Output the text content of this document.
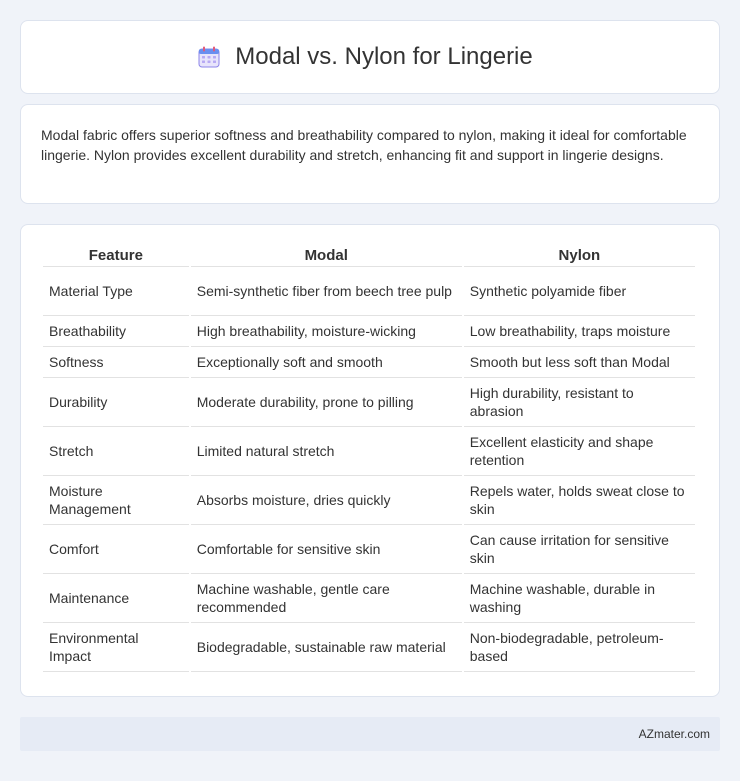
Modal vs. Nylon for Lingerie

Modal fabric offers superior softness and breathability compared to nylon, making it ideal for comfortable lingerie. Nylon provides excellent durability and stretch, enhancing fit and support in lingerie designs.

Feature	Modal	Nylon
Material Type	Semi-synthetic fiber from beech tree pulp	Synthetic polyamide fiber
Breathability	High breathability, moisture-wicking	Low breathability, traps moisture
Softness	Exceptionally soft and smooth	Smooth but less soft than Modal
Durability	Moderate durability, prone to pilling	High durability, resistant to abrasion
Stretch	Limited natural stretch	Excellent elasticity and shape retention
Moisture Management	Absorbs moisture, dries quickly	Repels water, holds sweat close to skin
Comfort	Comfortable for sensitive skin	Can cause irritation for sensitive skin
Maintenance	Machine washable, gentle care recommended	Machine washable, durable in washing
Environmental Impact	Biodegradable, sustainable raw material	Non-biodegradable, petroleum-based
AZmater.com
